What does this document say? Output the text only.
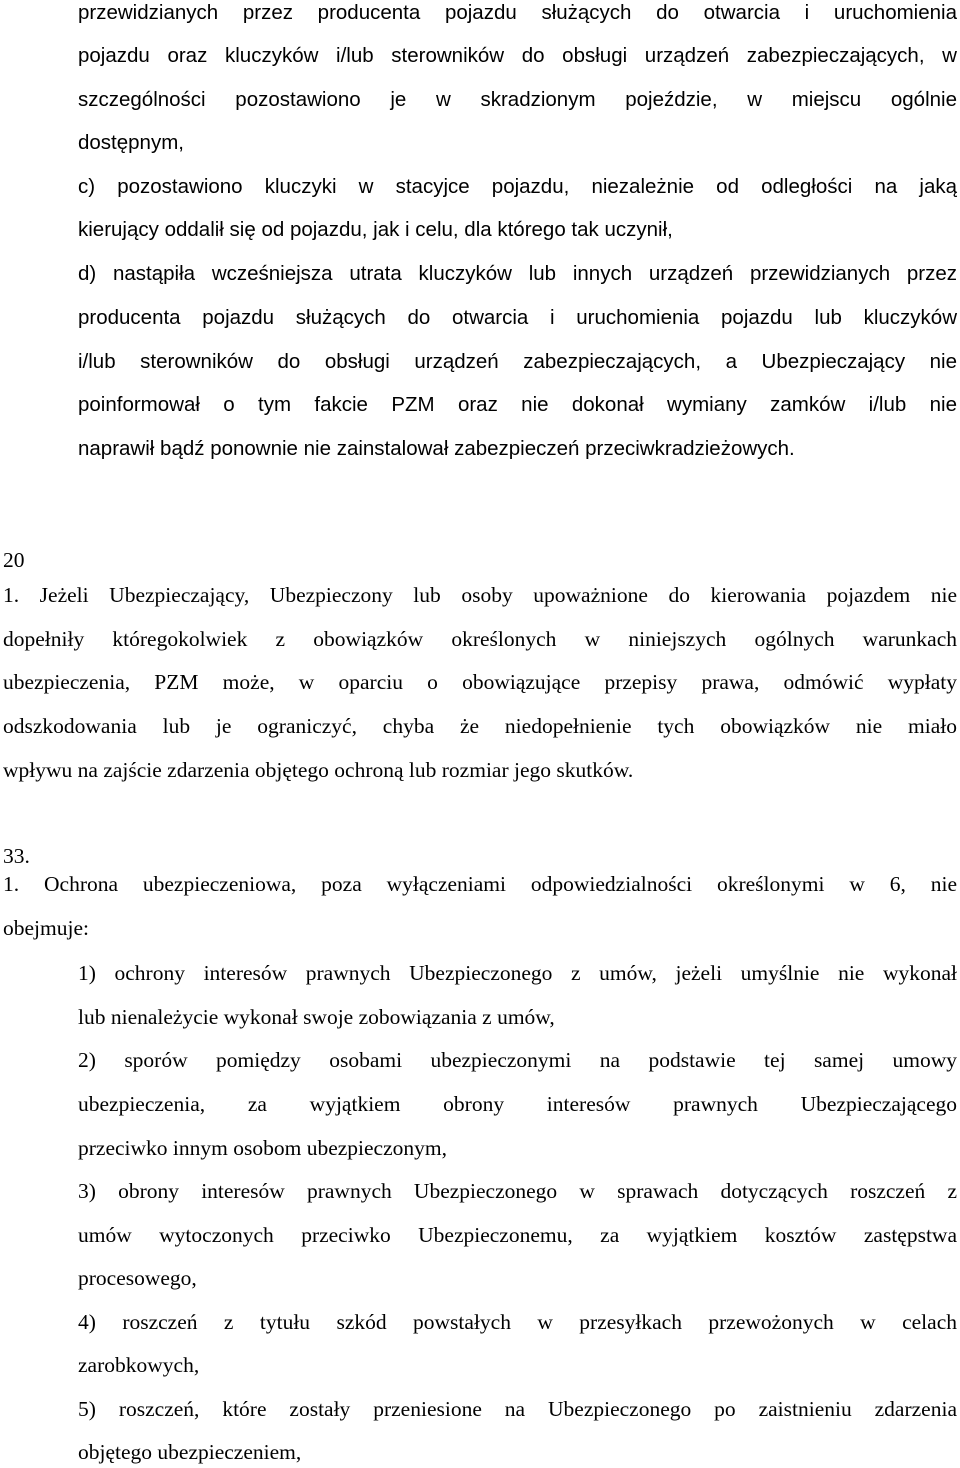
przewidzianych przez producenta pojazdu służących do otwarcia i uruchomienia
pojazdu oraz kluczyków i/lub sterowników do obsługi urządzeń zabezpieczających, w
szczególności pozostawiono je w skradzionym pojeździe, w miejscu ogólnie
dostępnym,
c) pozostawiono kluczyki w stacyjce pojazdu, niezależnie od odległości na jaką
kierujący oddalił się od pojazdu, jak i celu, dla którego tak uczynił,
d) nastąpiła wcześniejsza utrata kluczyków lub innych urządzeń przewidzianych przez
producenta pojazdu służących do otwarcia i uruchomienia pojazdu lub kluczyków
i/lub sterowników do obsługi urządzeń zabezpieczających, a Ubezpieczający nie
poinformował o tym fakcie PZM oraz nie dokonał wymiany zamków i/lub nie
naprawił bądź ponownie nie zainstalował zabezpieczeń przeciwkradzieżowych.
20
1. Jeżeli Ubezpieczający, Ubezpieczony lub osoby upoważnione do kierowania pojazdem nie
dopełniły któregokolwiek z obowiązków określonych w niniejszych ogólnych warunkach
ubezpieczenia, PZM może, w oparciu o obowiązujące przepisy prawa, odmówić wypłaty
odszkodowania lub je ograniczyć, chyba że niedopełnienie tych obowiązków nie miało
wpływu na zajście zdarzenia objętego ochroną lub rozmiar jego skutków.
33.
1. Ochrona ubezpieczeniowa, poza wyłączeniami odpowiedzialności określonymi w 6, nie
obejmuje:
1) ochrony interesów prawnych Ubezpieczonego z umów, jeżeli umyślnie nie wykonał
lub nienależycie wykonał swoje zobowiązania z umów,
2) sporów pomiędzy osobami ubezpieczonymi na podstawie tej samej umowy
ubezpieczenia, za wyjątkiem obrony interesów prawnych Ubezpieczającego
przeciwko innym osobom ubezpieczonym,
3) obrony interesów prawnych Ubezpieczonego w sprawach dotyczących roszczeń z
umów wytoczonych przeciwko Ubezpieczonemu, za wyjątkiem kosztów zastępstwa
procesowego,
4) roszczeń z tytułu szkód powstałych w przesyłkach przewożonych w celach
zarobkowych,
5) roszczeń, które zostały przeniesione na Ubezpieczonego po zaistnieniu zdarzenia
objętego ubezpieczeniem,
